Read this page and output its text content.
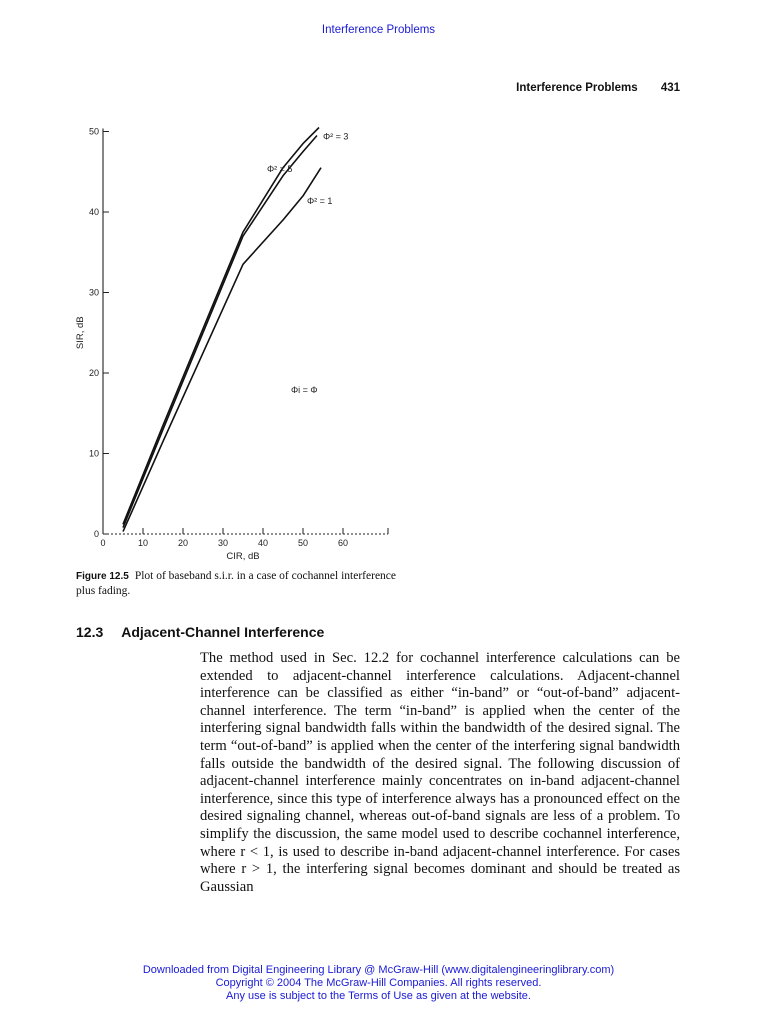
Interference Problems
Interference Problems 431
0
10
20
30
40
50
0	10	20	30	40	50	60
CIR, dB
SIR, dB
Φi = Φ
Φ² = 3
Φ² = 5
Φ² = 1
Figure 12.5 Plot of baseband s.i.r. in a case of cochannel interference plus fading.
12.3 Adjacent-Channel Interference
The method used in Sec. 12.2 for cochannel interference calculations can be extended to adjacent-channel interference calculations. Adjacent-channel interference can be classified as either “in-band” or “out-of-band” adjacent-channel interference. The term “in-band” is applied when the center of the interfering signal bandwidth falls within the bandwidth of the desired signal. The term “out-of-band” is applied when the center of the interfering signal bandwidth falls outside the bandwidth of the desired signal. The following discussion of adjacent-channel interference mainly concentrates on in-band adjacent-channel interference, since this type of interference always has a pronounced effect on the desired signaling channel, whereas out-of-band signals are less of a problem. To simplify the discussion, the same model used to describe cochannel interference, where r < 1, is used to describe in-band adjacent-channel interference. For cases where r > 1, the interfering signal becomes dominant and should be treated as Gaussian
Downloaded from Digital Engineering Library @ McGraw-Hill (www.digitalengineeringlibrary.com)
Copyright © 2004 The McGraw-Hill Companies. All rights reserved.
Any use is subject to the Terms of Use as given at the website.
